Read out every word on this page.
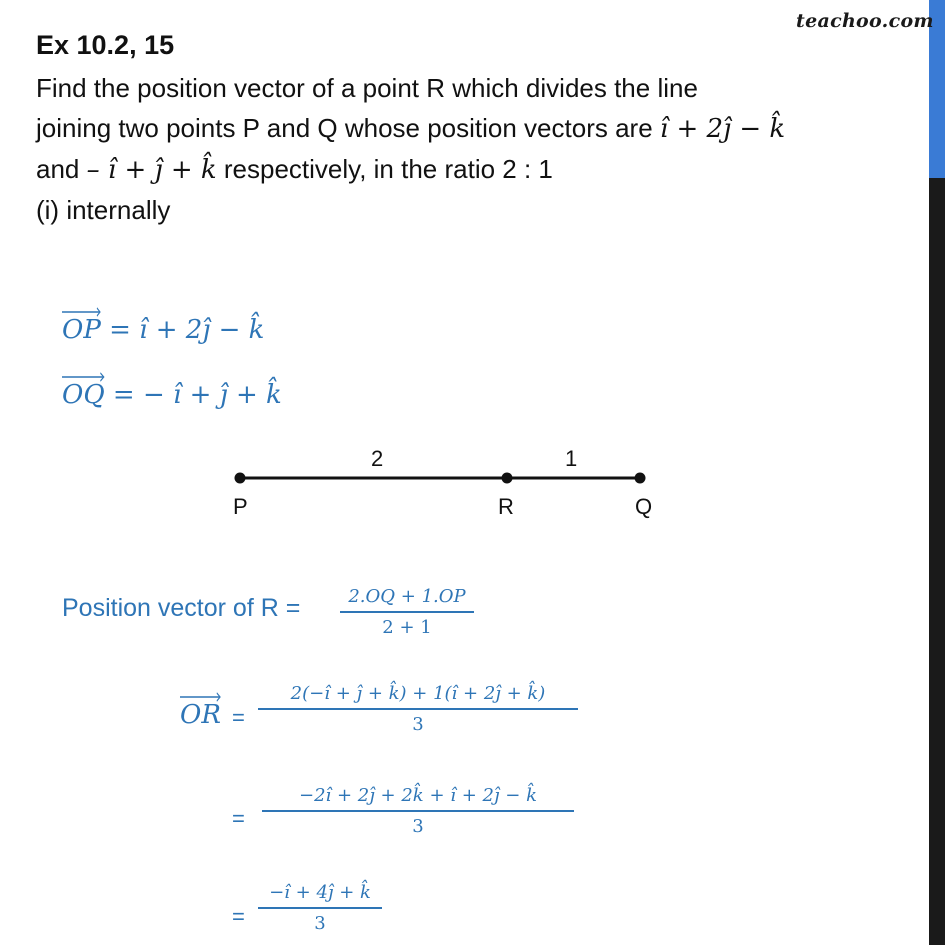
teachoo.com
Ex 10.2, 15
Find the position vector of a point R which divides the line
joining two points P and Q whose position vectors are î + 2ĵ − k̂
and – î + ĵ + k̂ respectively, in the ratio 2 : 1
(i) internally
OP = î + 2ĵ − k̂
OQ = − î + ĵ + k̂
2	1
P	R	Q
Position vector of R =	2.OQ + 1.OP
2 + 1
OR =
2(−î + ĵ + k̂) + 1(î + 2ĵ + k̂)
3
=
−2î + 2ĵ + 2k̂ + î + 2ĵ − k̂
3
=
−î + 4ĵ + k̂
3
